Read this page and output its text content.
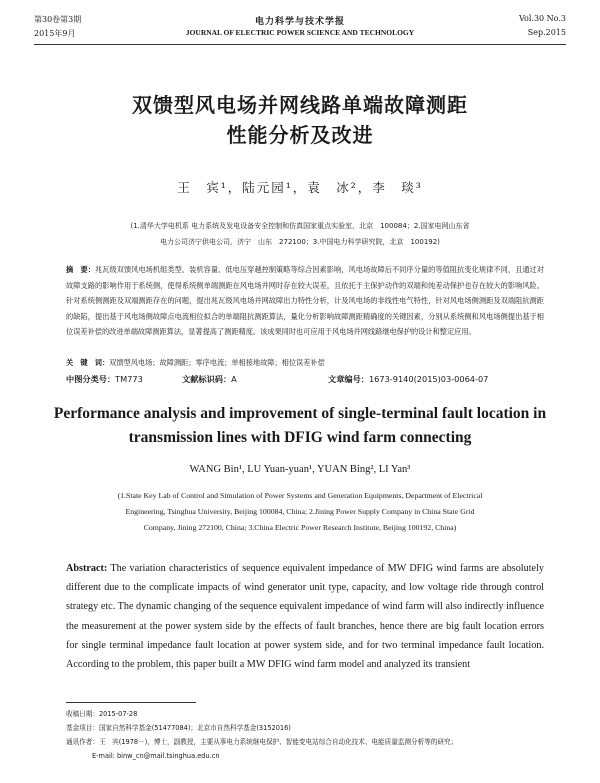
第30卷第3期
2015年9月
电力科学与技术学报
JOURNAL OF ELECTRIC POWER SCIENCE AND TECHNOLOGY
Vol.30 No.3
Sep.2015
双馈型风电场并网线路单端故障测距
性能分析及改进
王　宾¹，陆元园¹，袁　冰²，李　琰³
(1.清华大学电机系 电力系统及发电设备安全控制和仿真国家重点实验室，北京　100084；2.国家电网山东省
电力公司济宁供电公司，济宁　山东　272100；3.中国电力科学研究院，北京　100192)
摘　要：兆瓦级双馈风电场机组类型、装机容量、低电压穿越控制策略等综合因素影响，风电场故障后不同序分量的等值阻抗变化规律不同，且通过对故障支路的影响作用于系统侧，使得系统侧单端测距在风电场并网时存在较大误差，且依托于主保护动作的双端和纯差动保护也存在较大的影响风险。针对系统侧测距及双端测距存在的问题，提出兆瓦级风电场并网故障出力特性分析，计及风电场的非线性电气特性，针对风电场侧测距及双端阻抗测距的缺陷，提出基于风电场侧故障点电流相位拟合的单端阻抗测距算法，量化分析影响故障测距精确度的关键因素，分别从系统侧和风电场侧提出基于相位误差补偿的改进单端故障测距算法，显著提高了测距精度。该成果同时也可应用于风电场并网线路继电保护的设计和整定应用。
关　键　词：双馈型风电场；故障测距；零序电流；单相接地故障；相位误差补偿
中图分类号：TM773	文献标识码：A	文章编号：1673-9140(2015)03-0064-07
Performance analysis and improvement of single-terminal fault location in
transmission lines with DFIG wind farm connecting
WANG Bin¹, LU Yuan-yuan¹, YUAN Bing², LI Yan³
(1.State Key Lab of Control and Simulation of Power Systems and Generation Equipments, Department of Electrical
Engineering, Tsinghua University, Beijing 100084, China; 2.Jining Power Supply Company in China State Grid
Company, Jining 272100, China; 3.China Electric Power Research Institute, Beijing 100192, China)
Abstract: The variation characteristics of sequence equivalent impedance of MW DFIG wind farms are absolutely different due to the complicate impacts of wind generator unit type, capacity, and low voltage ride through control strategy etc. The dynamic changing of the sequence equivalent impedance of wind farm will also indirectly influence the measurement at the power system side by the effects of fault branches, hence there are big fault location errors for single terminal impedance fault location at power system side, and for two terminal impedance fault location. According to the problem, this paper built a MW DFIG wind farm model and analyzed its transient
收稿日期：2015-07-28
基金项目：国家自然科学基金(51477084)；北京市自然科学基金(3152016)
通讯作者：王　宾(1978－)，博士，副教授，主要从事电力系统继电保护、智能变电站综合自动化技术、电能质量监测分析等的研究；
E-mail: binw_cn@mail.tsinghua.edu.cn
